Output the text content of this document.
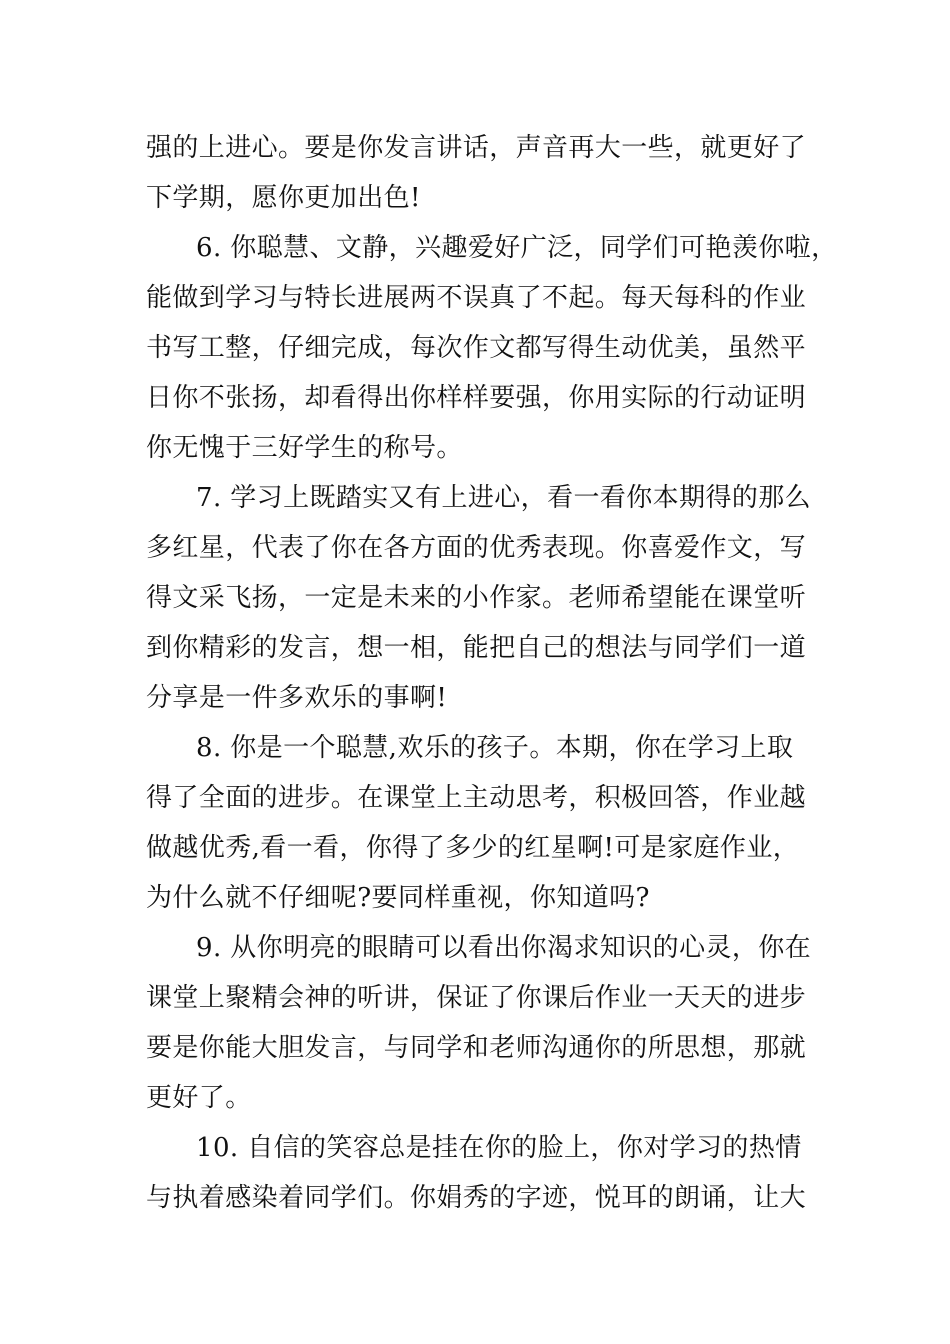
强的上进心。要是你发言讲话，声音再大一些，就更好了
下学期，愿你更加出色!
6. 你聪慧、文静，兴趣爱好广泛，同学们可艳羡你啦，
能做到学习与特长进展两不误真了不起。每天每科的作业
书写工整，仔细完成，每次作文都写得生动优美，虽然平
日你不张扬，却看得出你样样要强，你用实际的行动证明
你无愧于三好学生的称号。
7. 学习上既踏实又有上进心，看一看你本期得的那么
多红星，代表了你在各方面的优秀表现。你喜爱作文，写
得文采飞扬，一定是未来的小作家。老师希望能在课堂听
到你精彩的发言，想一相，能把自己的想法与同学们一道
分享是一件多欢乐的事啊!
8. 你是一个聪慧,欢乐的孩子。本期，你在学习上取
得了全面的进步。在课堂上主动思考，积极回答，作业越
做越优秀,看一看，你得了多少的红星啊!可是家庭作业，
为什么就不仔细呢?要同样重视，你知道吗?
9. 从你明亮的眼睛可以看出你渴求知识的心灵，你在
课堂上聚精会神的听讲，保证了你课后作业一天天的进步
要是你能大胆发言，与同学和老师沟通你的所思想，那就
更好了。
10. 自信的笑容总是挂在你的脸上，你对学习的热情
与执着感染着同学们。你娟秀的字迹，悦耳的朗诵，让大
